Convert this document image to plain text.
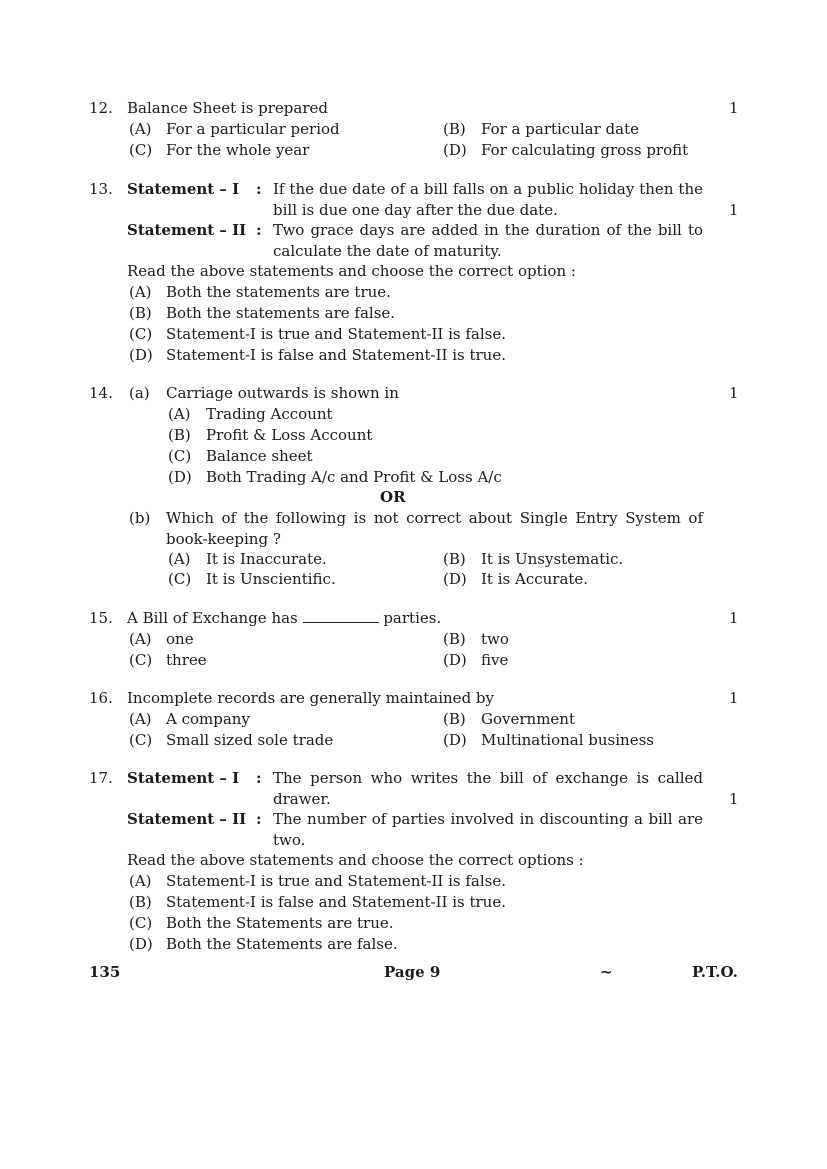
12. Balance Sheet is prepared	1
(A) For a particular period	(B) For a particular date
(C) For the whole year	(D) For calculating gross profit
13. Statement – I : If the due date of a bill falls on a public holiday then the bill is due one day after the due date.	1
Statement – II : Two grace days are added in the duration of the bill to calculate the date of maturity.
Read the above statements and choose the correct option :
(A) Both the statements are true.
(B) Both the statements are false.
(C) Statement-I is true and Statement-II is false.
(D) Statement-I is false and Statement-II is true.
14. (a) Carriage outwards is shown in	1
(A) Trading Account
(B) Profit & Loss Account
(C) Balance sheet
(D) Both Trading A/c and Profit & Loss A/c
OR
(b) Which of the following is not correct about Single Entry System of book-keeping ?
(A) It is Inaccurate.	(B) It is Unsystematic.
(C) It is Unscientific.	(D) It is Accurate.
15. A Bill of Exchange has	parties.	1
(A) one	(B) two
(C) three	(D) five
16. Incomplete records are generally maintained by	1
(A) A company	(B) Government
(C) Small sized sole trade	(D) Multinational business
17. Statement – I : The person who writes the bill of exchange is called drawer.	1
Statement – II : The number of parties involved in discounting a bill are two.
Read the above statements and choose the correct options :
(A) Statement-I is true and Statement-II is false.
(B) Statement-I is false and Statement-II is true.
(C) Both the Statements are true.
(D) Both the Statements are false.
135	Page 9	~	P.T.O.
